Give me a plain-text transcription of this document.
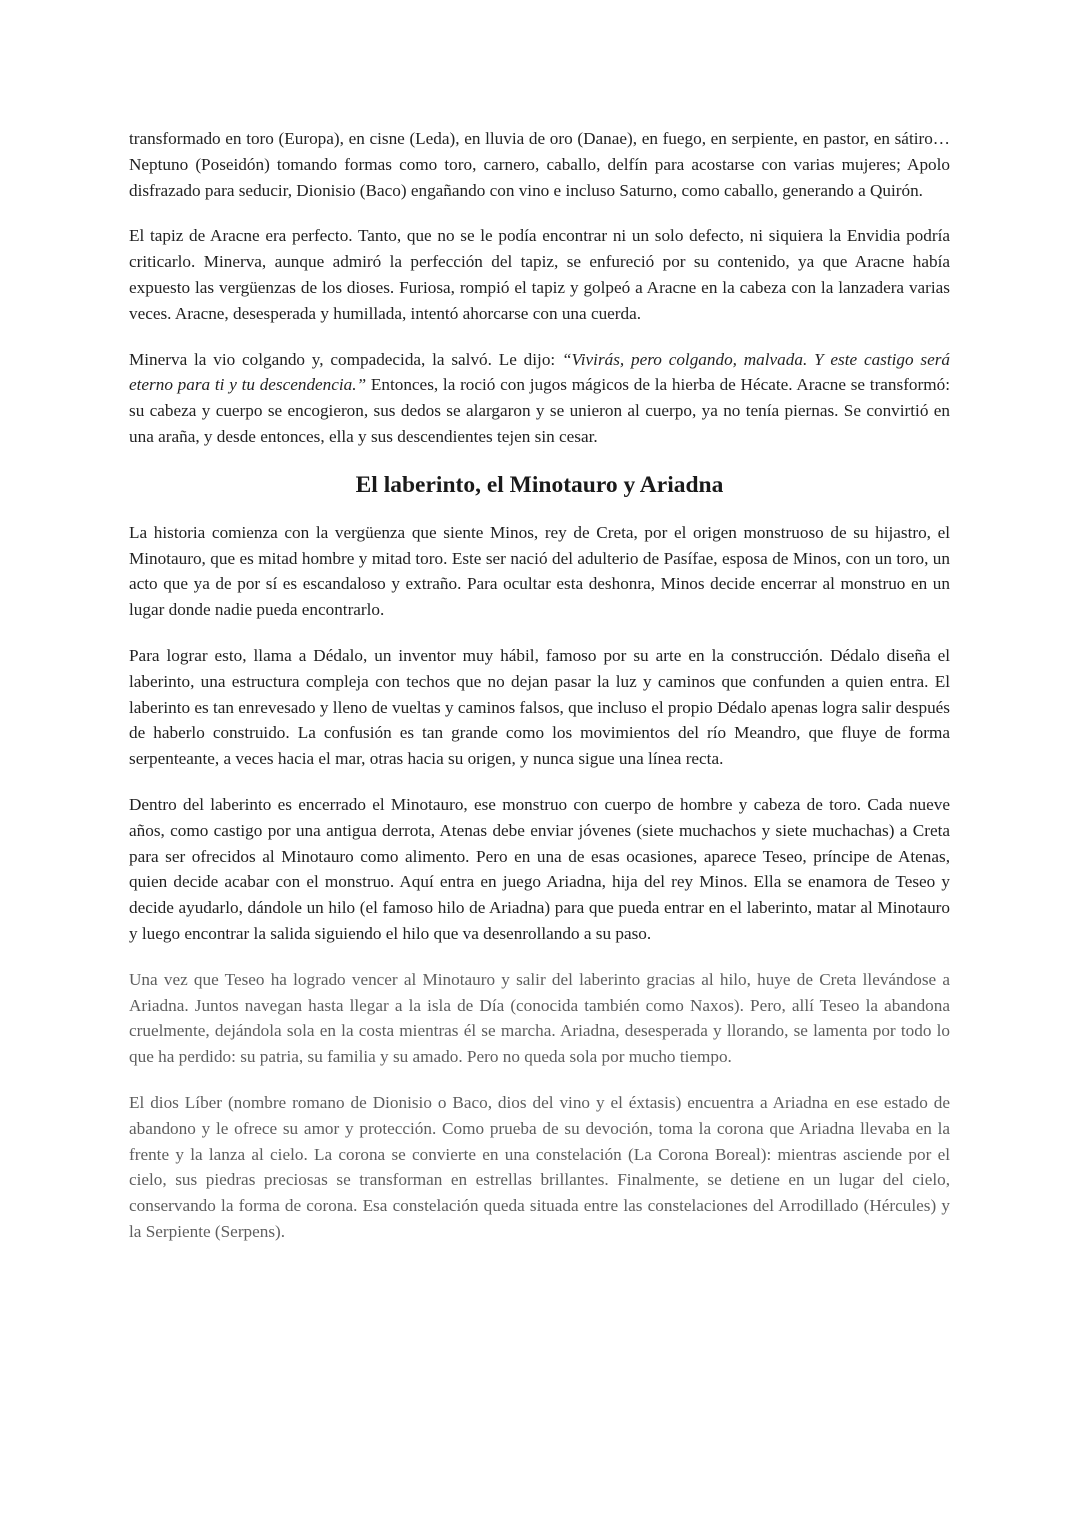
transformado en toro (Europa), en cisne (Leda), en lluvia de oro (Danae), en fuego, en serpiente, en pastor, en sátiro… Neptuno (Poseidón) tomando formas como toro, carnero, caballo, delfín para acostarse con varias mujeres; Apolo disfrazado para seducir, Dionisio (Baco) engañando con vino e incluso Saturno, como caballo, generando a Quirón.

El tapiz de Aracne era perfecto. Tanto, que no se le podía encontrar ni un solo defecto, ni siquiera la Envidia podría criticarlo. Minerva, aunque admiró la perfección del tapiz, se enfureció por su contenido, ya que Aracne había expuesto las vergüenzas de los dioses. Furiosa, rompió el tapiz y golpeó a Aracne en la cabeza con la lanzadera varias veces. Aracne, desesperada y humillada, intentó ahorcarse con una cuerda.

Minerva la vio colgando y, compadecida, la salvó. Le dijo: “Vivirás, pero colgando, malvada. Y este castigo será eterno para ti y tu descendencia.” Entonces, la roció con jugos mágicos de la hierba de Hécate. Aracne se transformó: su cabeza y cuerpo se encogieron, sus dedos se alargaron y se unieron al cuerpo, ya no tenía piernas. Se convirtió en una araña, y desde entonces, ella y sus descendientes tejen sin cesar.

El laberinto, el Minotauro y Ariadna

La historia comienza con la vergüenza que siente Minos, rey de Creta, por el origen monstruoso de su hijastro, el Minotauro, que es mitad hombre y mitad toro. Este ser nació del adulterio de Pasífae, esposa de Minos, con un toro, un acto que ya de por sí es escandaloso y extraño. Para ocultar esta deshonra, Minos decide encerrar al monstruo en un lugar donde nadie pueda encontrarlo.

Para lograr esto, llama a Dédalo, un inventor muy hábil, famoso por su arte en la construcción. Dédalo diseña el laberinto, una estructura compleja con techos que no dejan pasar la luz y caminos que confunden a quien entra. El laberinto es tan enrevesado y lleno de vueltas y caminos falsos, que incluso el propio Dédalo apenas logra salir después de haberlo construido. La confusión es tan grande como los movimientos del río Meandro, que fluye de forma serpenteante, a veces hacia el mar, otras hacia su origen, y nunca sigue una línea recta.

Dentro del laberinto es encerrado el Minotauro, ese monstruo con cuerpo de hombre y cabeza de toro. Cada nueve años, como castigo por una antigua derrota, Atenas debe enviar jóvenes (siete muchachos y siete muchachas) a Creta para ser ofrecidos al Minotauro como alimento. Pero en una de esas ocasiones, aparece Teseo, príncipe de Atenas, quien decide acabar con el monstruo. Aquí entra en juego Ariadna, hija del rey Minos. Ella se enamora de Teseo y decide ayudarlo, dándole un hilo (el famoso hilo de Ariadna) para que pueda entrar en el laberinto, matar al Minotauro y luego encontrar la salida siguiendo el hilo que va desenrollando a su paso.

Una vez que Teseo ha logrado vencer al Minotauro y salir del laberinto gracias al hilo, huye de Creta llevándose a Ariadna. Juntos navegan hasta llegar a la isla de Día (conocida también como Naxos). Pero, allí Teseo la abandona cruelmente, dejándola sola en la costa mientras él se marcha. Ariadna, desesperada y llorando, se lamenta por todo lo que ha perdido: su patria, su familia y su amado. Pero no queda sola por mucho tiempo.

El dios Líber (nombre romano de Dionisio o Baco, dios del vino y el éxtasis) encuentra a Ariadna en ese estado de abandono y le ofrece su amor y protección. Como prueba de su devoción, toma la corona que Ariadna llevaba en la frente y la lanza al cielo. La corona se convierte en una constelación (La Corona Boreal): mientras asciende por el cielo, sus piedras preciosas se transforman en estrellas brillantes. Finalmente, se detiene en un lugar del cielo, conservando la forma de corona. Esa constelación queda situada entre las constelaciones del Arrodillado (Hércules) y la Serpiente (Serpens).
